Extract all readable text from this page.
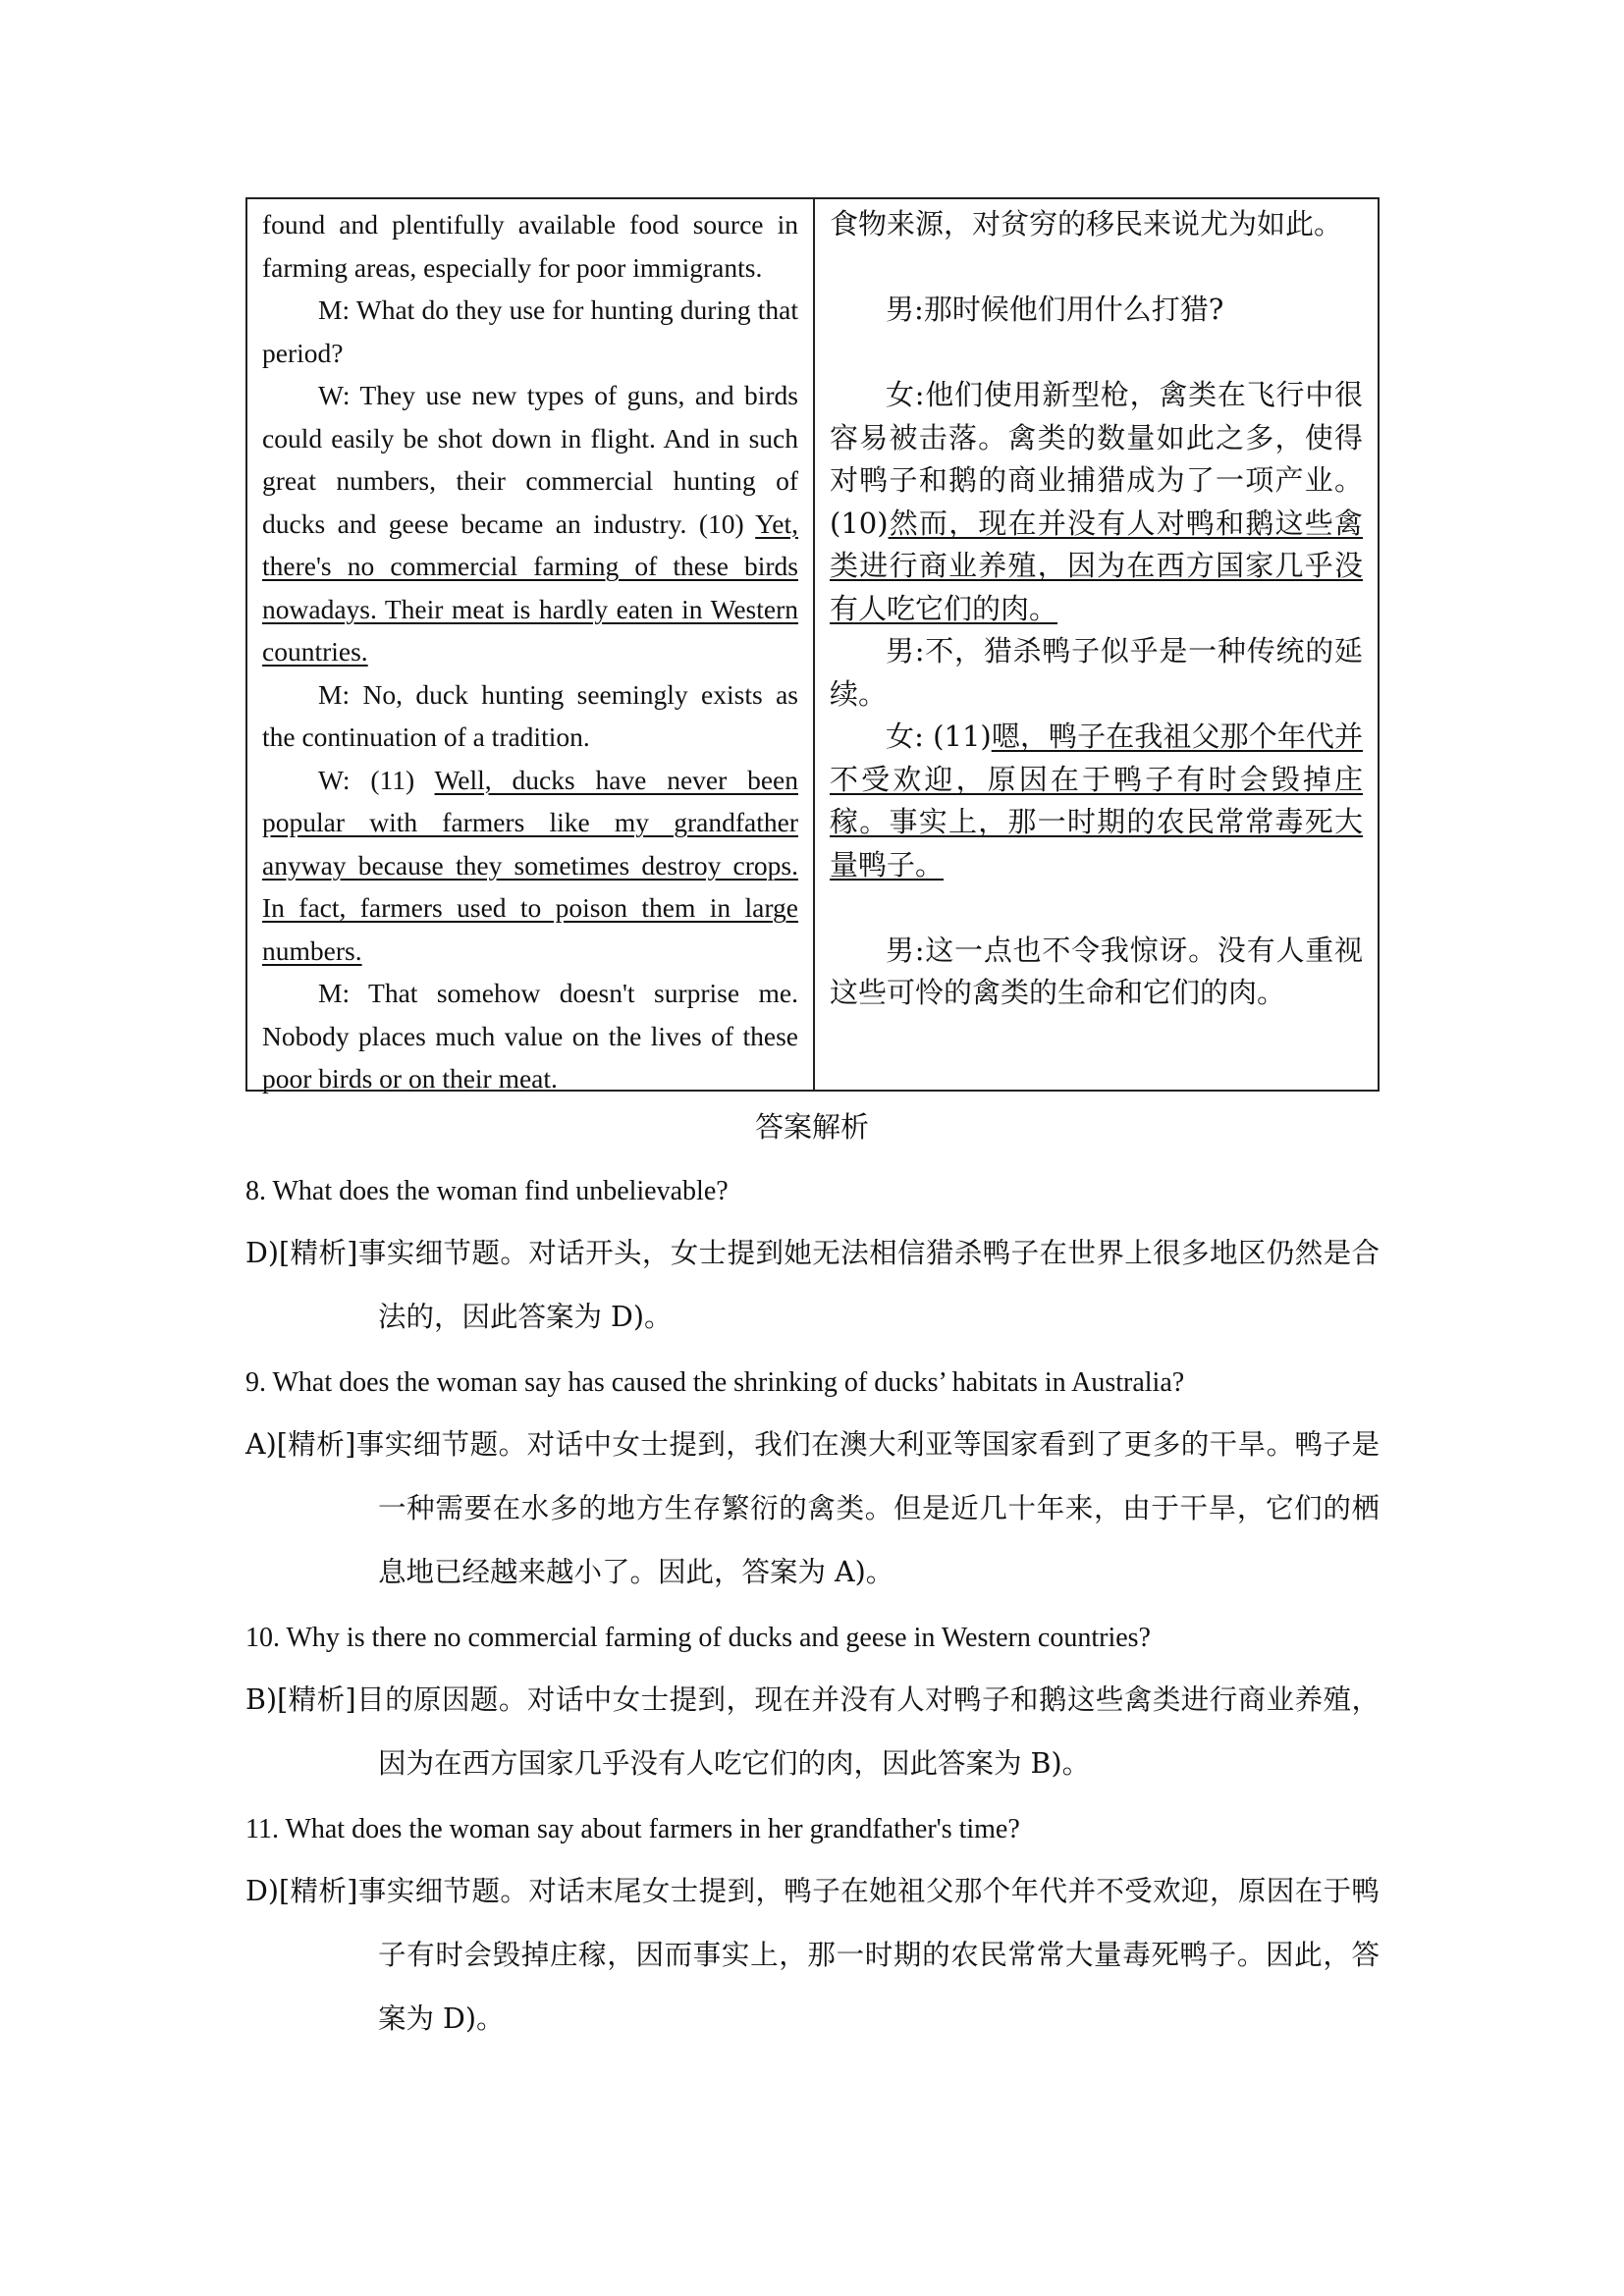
found and plentifully available food source in farming areas, especially for poor immigrants.

M: What do they use for hunting during that period?

W: They use new types of guns, and birds could easily be shot down in flight. And in such great numbers, their commercial hunting of ducks and geese became an industry. (10) Yet, there's no commercial farming of these birds nowadays. Their meat is hardly eaten in Western countries.

M: No, duck hunting seemingly exists as the continuation of a tradition.

W: (11) Well, ducks have never been popular with farmers like my grandfather anyway because they sometimes destroy crops. In fact, farmers used to poison them in large numbers.

M: That somehow doesn't surprise me. Nobody places much value on the lives of these poor birds or on their meat.

食物来源，对贫穷的移民来说尤为如此。

男:那时候他们用什么打猎?

女:他们使用新型枪，禽类在飞行中很容易被击落。禽类的数量如此之多，使得对鸭子和鹅的商业捕猎成为了一项产业。(10)然而，现在并没有人对鸭和鹅这些禽类进行商业养殖，因为在西方国家几乎没有人吃它们的肉。

男:不，猎杀鸭子似乎是一种传统的延续。

女: (11)嗯，鸭子在我祖父那个年代并不受欢迎，原因在于鸭子有时会毁掉庄稼。事实上，那一时期的农民常常毒死大量鸭子。

男:这一点也不令我惊讶。没有人重视这些可怜的禽类的生命和它们的肉。

答案解析

8. What does the woman find unbelievable?

D)[精析]事实细节题。对话开头，女士提到她无法相信猎杀鸭子在世界上很多地区仍然是合法的，因此答案为 D)。

9. What does the woman say has caused the shrinking of ducks’ habitats in Australia?

A)[精析]事实细节题。对话中女士提到，我们在澳大利亚等国家看到了更多的干旱。鸭子是一种需要在水多的地方生存繁衍的禽类。但是近几十年来，由于干旱，它们的栖息地已经越来越小了。因此，答案为 A)。

10. Why is there no commercial farming of ducks and geese in Western countries?

B)[精析]目的原因题。对话中女士提到，现在并没有人对鸭子和鹅这些禽类进行商业养殖，因为在西方国家几乎没有人吃它们的肉，因此答案为 B)。

11. What does the woman say about farmers in her grandfather's time?

D)[精析]事实细节题。对话末尾女士提到，鸭子在她祖父那个年代并不受欢迎，原因在于鸭子有时会毁掉庄稼，因而事实上，那一时期的农民常常大量毒死鸭子。因此，答案为 D)。
